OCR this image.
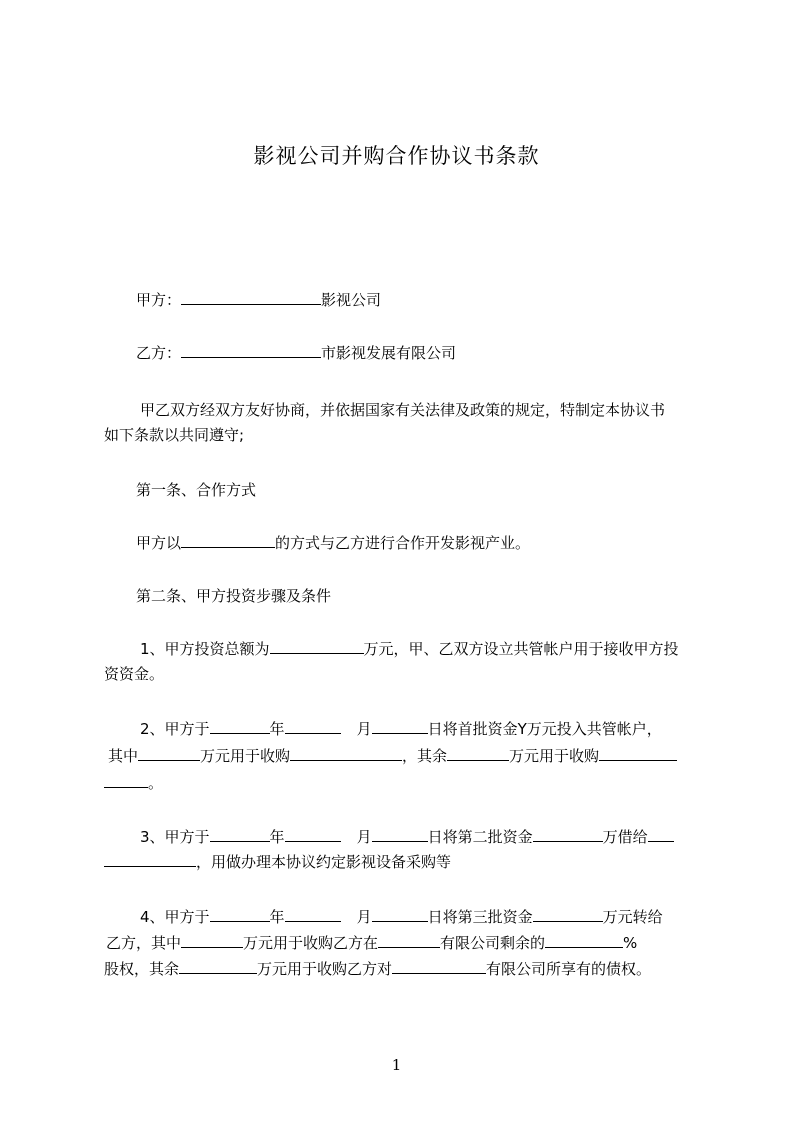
影视公司并购合作协议书条款
甲方：	影视公司
乙方：	市影视发展有限公司
甲乙双方经双方友好协商，并依据国家有关法律及政策的规定，特制定本协议书
如下条款以共同遵守;
第一条、合作方式
甲方以	的方式与乙方进行合作开发影视产业。
第二条、甲方投资步骤及条件
1、甲方投资总额为	万元，甲、乙双方设立共管帐户用于接收甲方投
资资金。
2、甲方于	年	月	日将首批资金Y万元投入共管帐户，
其中	万元用于收购	，其余	万元用于收购
。
3、甲方于	年	月	日将第二批资金	万借给
，用做办理本协议约定影视设备采购等
4、甲方于	年	月	日将第三批资金	万元转给
乙方，其中	万元用于收购乙方在	有限公司剩余的	%
股权，其余	万元用于收购乙方对	有限公司所享有的债权。
1
